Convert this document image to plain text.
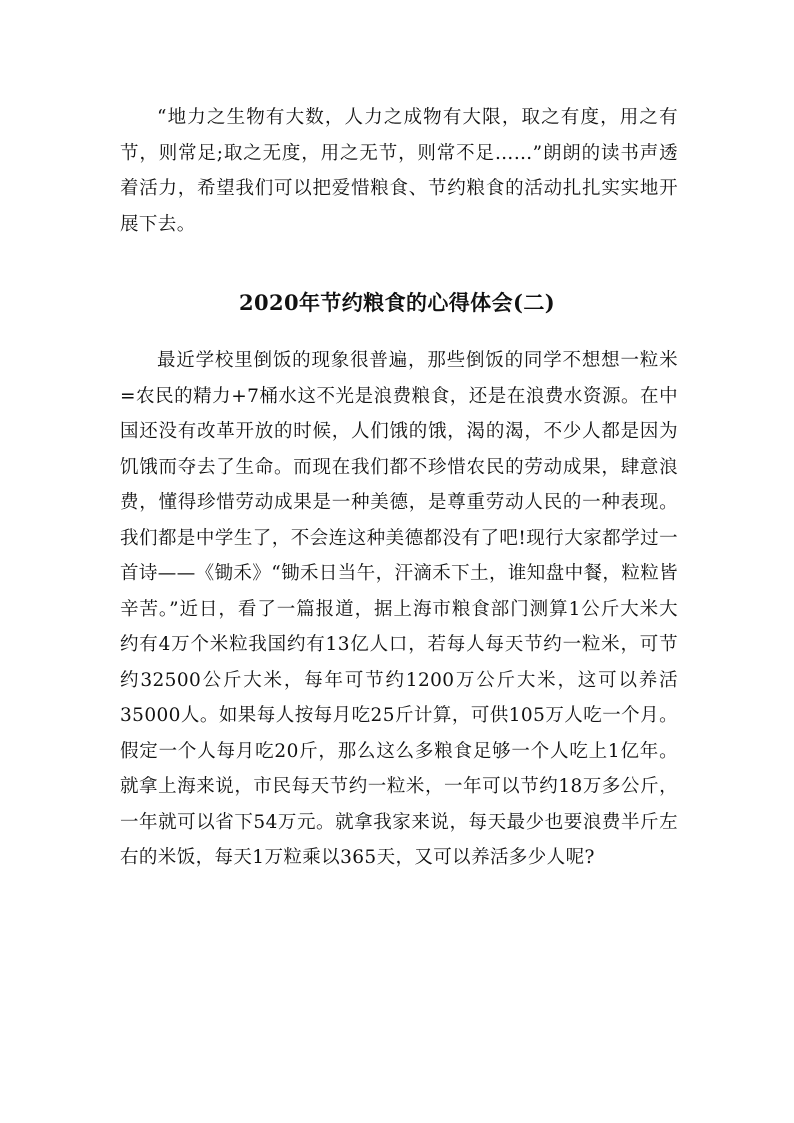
“地力之生物有大数，人力之成物有大限，取之有度，用之有节，则常足;取之无度，用之无节，则常不足……”朗朗的读书声透着活力，希望我们可以把爱惜粮食、节约粮食的活动扎扎实实地开展下去。

2020年节约粮食的心得体会(二)

最近学校里倒饭的现象很普遍，那些倒饭的同学不想想一粒米=农民的精力+7桶水这不光是浪费粮食，还是在浪费水资源。在中国还没有改革开放的时候，人们饿的饿，渴的渴，不少人都是因为饥饿而夺去了生命。而现在我们都不珍惜农民的劳动成果，肆意浪费，懂得珍惜劳动成果是一种美德，是尊重劳动人民的一种表现。我们都是中学生了，不会连这种美德都没有了吧!现行大家都学过一首诗——《锄禾》“锄禾日当午，汗滴禾下土，谁知盘中餐，粒粒皆辛苦。”近日，看了一篇报道，据上海市粮食部门测算1公斤大米大约有4万个米粒我国约有13亿人口，若每人每天节约一粒米，可节约32500公斤大米，每年可节约1200万公斤大米，这可以养活35000人。如果每人按每月吃25斤计算，可供105万人吃一个月。假定一个人每月吃20斤，那么这么多粮食足够一个人吃上1亿年。就拿上海来说，市民每天节约一粒米，一年可以节约18万多公斤，一年就可以省下54万元。就拿我家来说，每天最少也要浪费半斤左右的米饭，每天1万粒乘以365天，又可以养活多少人呢?
